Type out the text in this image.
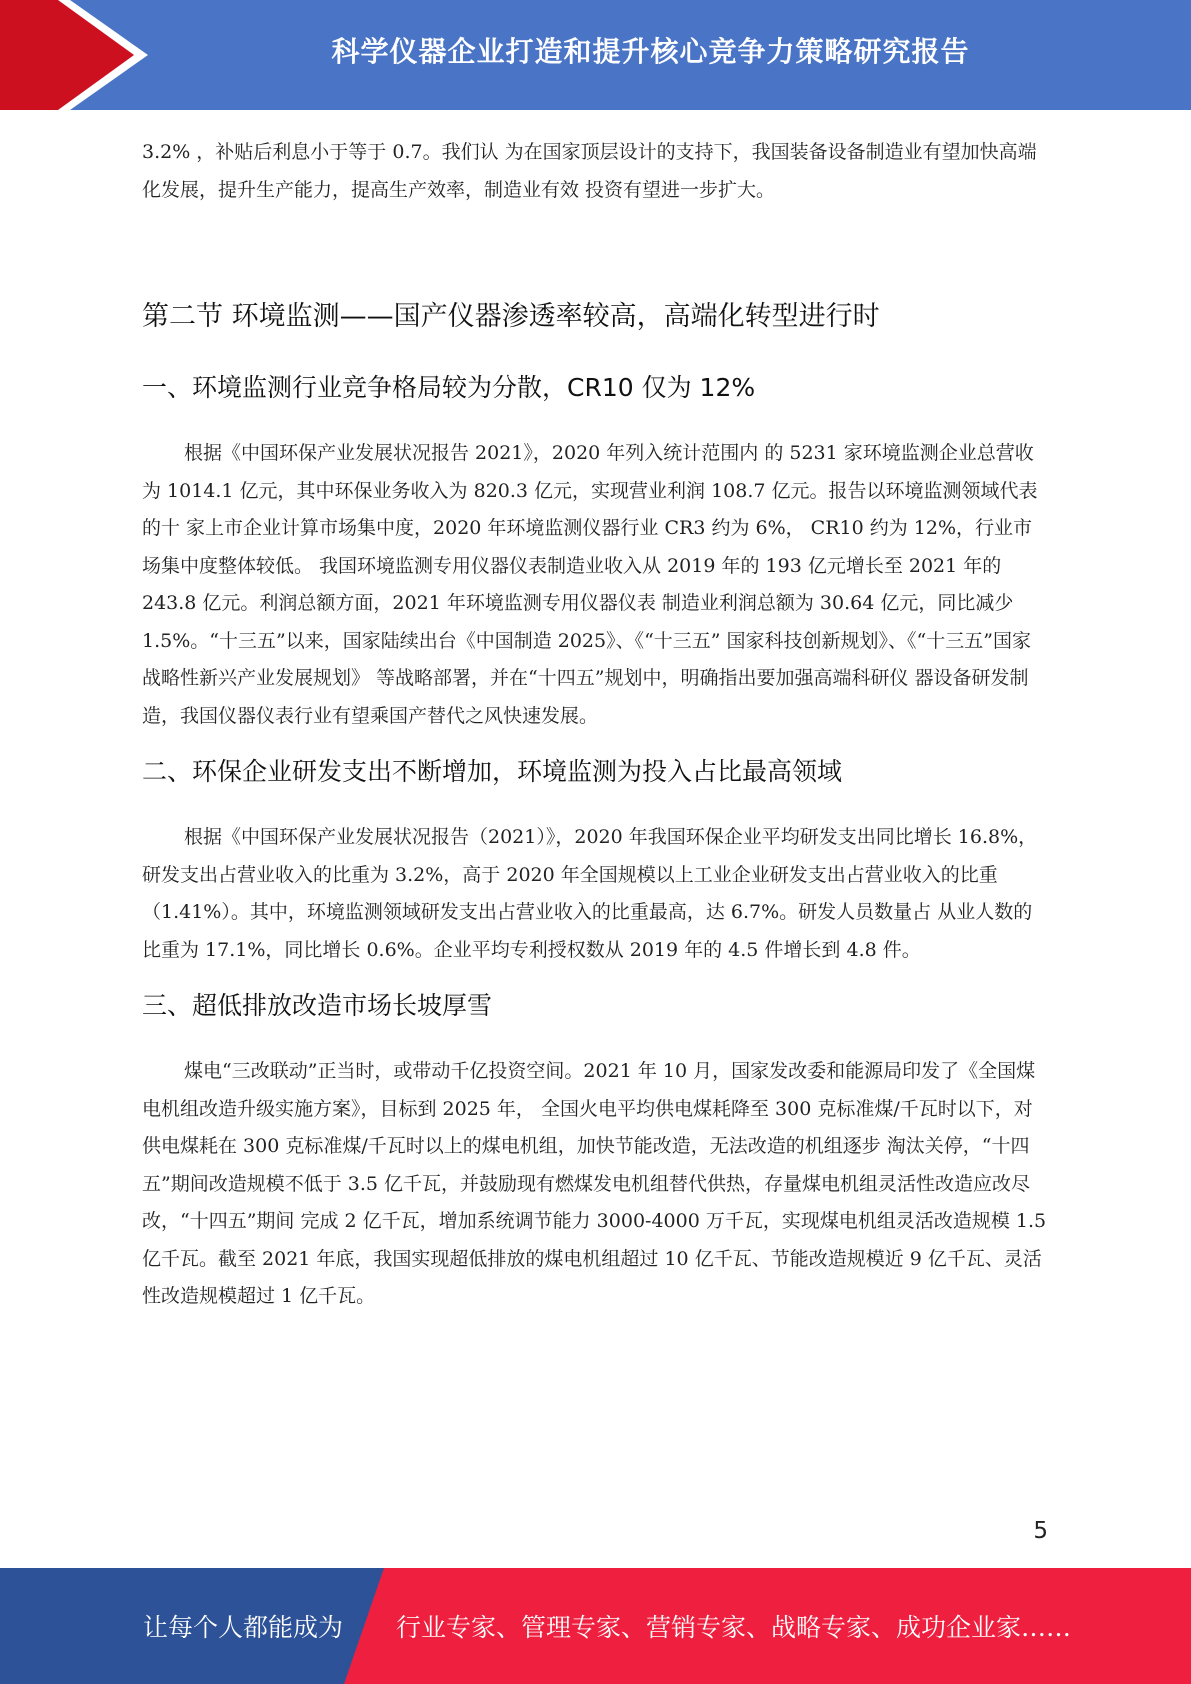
科学仪器企业打造和提升核心竞争力策略研究报告

3.2% ，补贴后利息小于等于 0.7。我们认 为在国家顶层设计的支持下，我国装备设备制造业有望加快高端化发展，提升生产能力，提高生产效率，制造业有效 投资有望进一步扩大。

第二节 环境监测——国产仪器渗透率较高，高端化转型进行时
一、环境监测行业竞争格局较为分散，CR10 仅为 12%

根据《中国环保产业发展状况报告 2021》，2020 年列入统计范围内 的 5231 家环境监测企业总营收为 1014.1 亿元，其中环保业务收入为 820.3 亿元，实现营业利润 108.7 亿元。报告以环境监测领域代表的十 家上市企业计算市场集中度，2020 年环境监测仪器行业 CR3 约为 6%， CR10 约为 12%，行业市场集中度整体较低。 我国环境监测专用仪器仪表制造业收入从 2019 年的 193 亿元增长至 2021 年的 243.8 亿元。利润总额方面，2021 年环境监测专用仪器仪表 制造业利润总额为 30.64 亿元，同比减少 1.5%。“十三五”以来，国家陆续出台《中国制造 2025》、《“十三五” 国家科技创新规划》、《“十三五”国家战略性新兴产业发展规划》 等战略部署，并在“十四五”规划中，明确指出要加强高端科研仪 器设备研发制造，我国仪器仪表行业有望乘国产替代之风快速发展。

二、环保企业研发支出不断增加，环境监测为投入占比最高领域

根据《中国环保产业发展状况报告（2021）》，2020 年我国环保企业平均研发支出同比增长 16.8%，研发支出占营业收入的比重为 3.2%，高于 2020 年全国规模以上工业企业研发支出占营业收入的比重（1.41%）。其中，环境监测领域研发支出占营业收入的比重最高，达 6.7%。研发人员数量占 从业人数的比重为 17.1%，同比增长 0.6%。企业平均专利授权数从 2019 年的 4.5 件增长到 4.8 件。

三、超低排放改造市场长坡厚雪

煤电“三改联动”正当时，或带动千亿投资空间。2021 年 10 月，国家发改委和能源局印发了《全国煤电机组改造升级实施方案》，目标到 2025 年， 全国火电平均供电煤耗降至 300 克标准煤/千瓦时以下，对供电煤耗在 300 克标准煤/千瓦时以上的煤电机组，加快节能改造，无法改造的机组逐步 淘汰关停，“十四五”期间改造规模不低于 3.5 亿千瓦，并鼓励现有燃煤发电机组替代供热，存量煤电机组灵活性改造应改尽改，“十四五”期间 完成 2 亿千瓦，增加系统调节能力 3000-4000 万千瓦，实现煤电机组灵活改造规模 1.5 亿千瓦。截至 2021 年底，我国实现超低排放的煤电机组超过 10 亿千瓦、节能改造规模近 9 亿千瓦、灵活性改造规模超过 1 亿千瓦。

5
让每个人都能成为 行业专家、管理专家、营销专家、战略专家、成功企业家……
